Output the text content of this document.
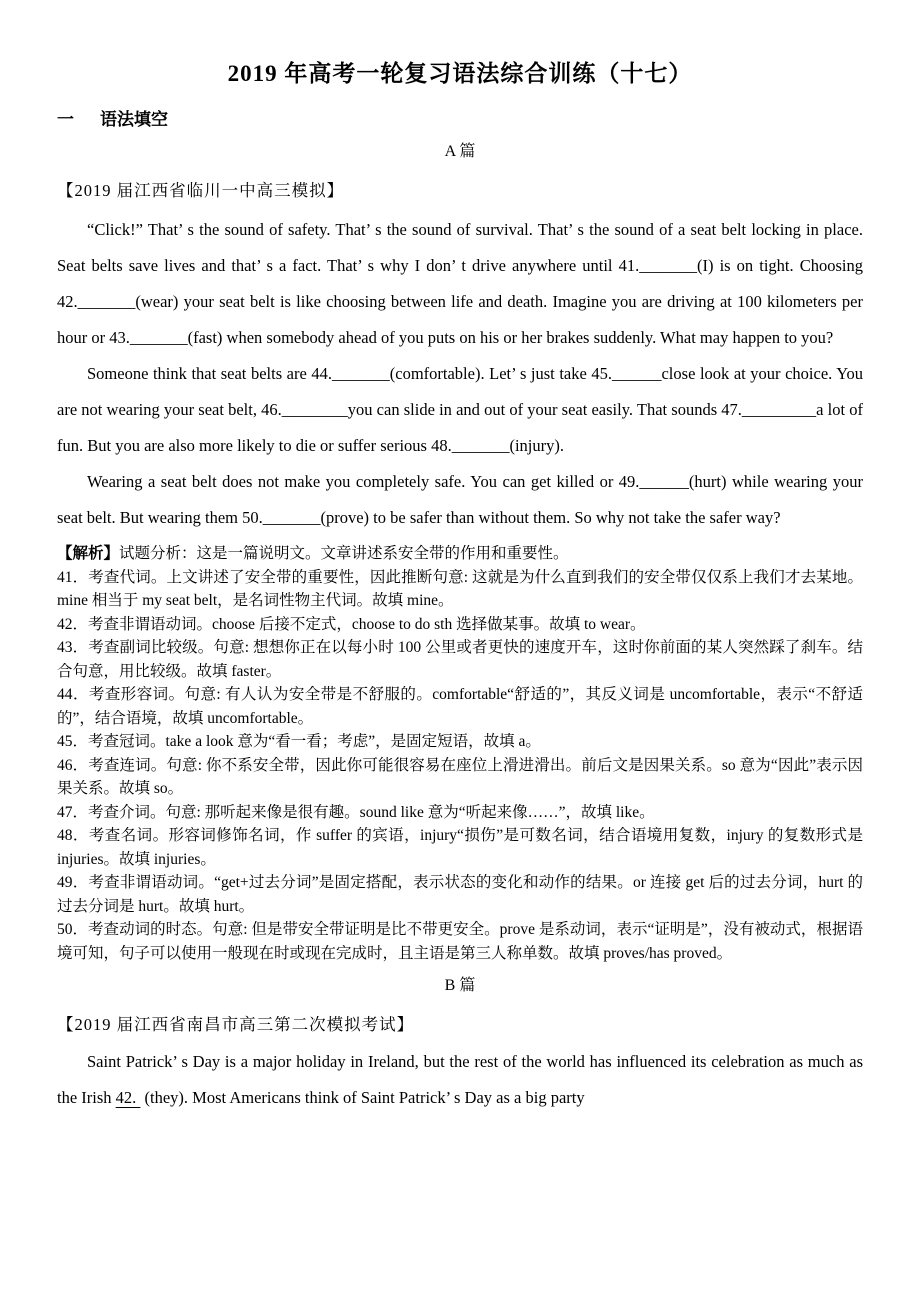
2019 年高考一轮复习语法综合训练（十七）
一 语法填空
A 篇
【2019 届江西省临川一中高三模拟】

“Click!” That’ s the sound of safety. That’ s the sound of survival. That’ s the sound of a seat belt locking in place. Seat belts save lives and that’ s a fact. That’ s why I don’ t drive anywhere until 41._______(I) is on tight. Choosing 42._______(wear) your seat belt is like choosing between life and death. Imagine you are driving at 100 kilometers per hour or 43._______(fast) when somebody ahead of you puts on his or her brakes suddenly. What may happen to you?

Someone think that seat belts are 44._______(comfortable). Let’ s just take 45.______close look at your choice. You are not wearing your seat belt, 46.________you can slide in and out of your seat easily. That sounds 47._________a lot of fun. But you are also more likely to die or suffer serious 48._______(injury).

Wearing a seat belt does not make you completely safe. You can get killed or 49.______(hurt) while wearing your seat belt. But wearing them 50._______(prove) to be safer than without them. So why not take the safer way?

【解析】试题分析：这是一篇说明文。文章讲述系安全带的作用和重要性。
41．考查代词。上文讲述了安全带的重要性，因此推断句意: 这就是为什么直到我们的安全带仅仅系上我们才去某地。mine 相当于 my seat belt，是名词性物主代词。故填 mine。
42．考查非谓语动词。choose 后接不定式，choose to do sth 选择做某事。故填 to wear。
43．考查副词比较级。句意: 想想你正在以每小时 100 公里或者更快的速度开车，这时你前面的某人突然踩了刹车。结合句意，用比较级。故填 faster。
44．考查形容词。句意: 有人认为安全带是不舒服的。comfortable“舒适的”，其反义词是 uncomfortable，表示“不舒适的”，结合语境，故填 uncomfortable。
45．考查冠词。take a look 意为“看一看；考虑”，是固定短语，故填 a。
46．考查连词。句意: 你不系安全带，因此你可能很容易在座位上滑进滑出。前后文是因果关系。so 意为“因此”表示因果关系。故填 so。
47．考查介词。句意: 那听起来像是很有趣。sound like 意为“听起来像……”，故填 like。
48．考查名词。形容词修饰名词，作 suffer 的宾语，injury“损伤”是可数名词，结合语境用复数，injury 的复数形式是 injuries。故填 injuries。
49．考查非谓语动词。“get+过去分词”是固定搭配，表示状态的变化和动作的结果。or 连接 get 后的过去分词，hurt 的过去分词是 hurt。故填 hurt。
50．考查动词的时态。句意: 但是带安全带证明是比不带更安全。prove 是系动词，表示“证明是”，没有被动式，根据语境可知，句子可以使用一般现在时或现在完成时，且主语是第三人称单数。故填 proves/has proved。
B 篇
【2019 届江西省南昌市高三第二次模拟考试】

Saint Patrick’ s Day is a major holiday in Ireland, but the rest of the world has influenced its celebration as much as the Irish 42.  (they). Most Americans think of Saint Patrick’ s Day as a big party
